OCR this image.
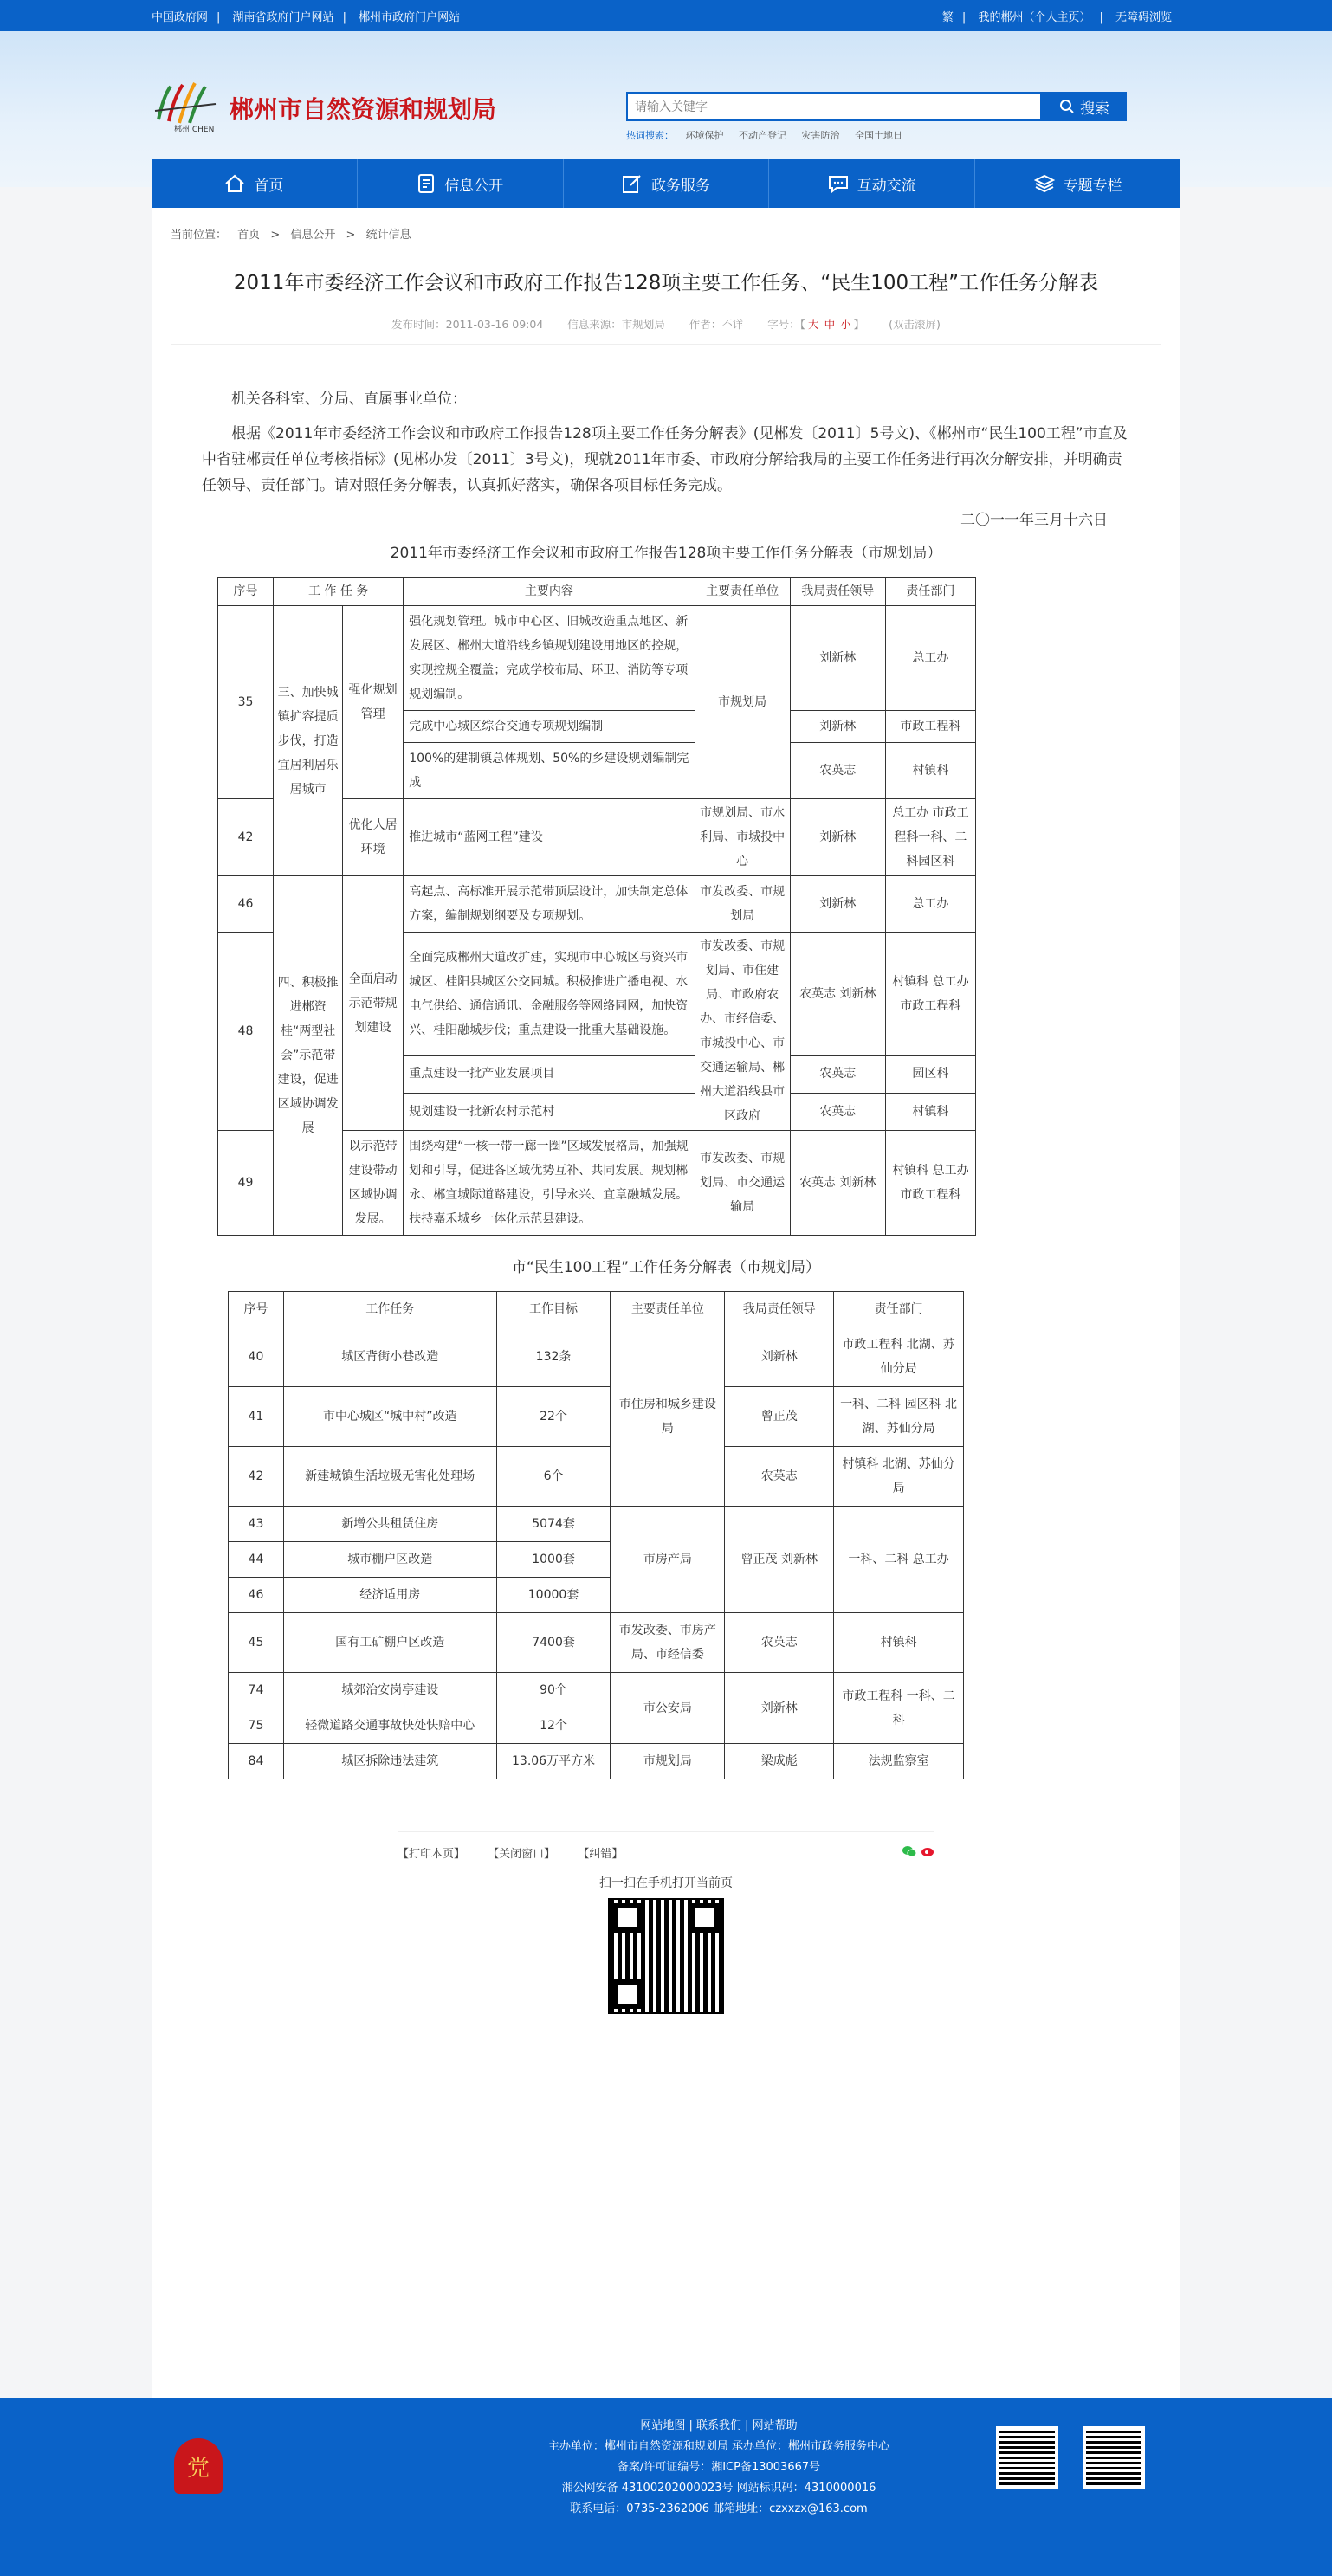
中国政府网 | 湖南省政府门户网站 | 郴州市政府门户网站	繁 | 我的郴州（个人主页） | 无障碍浏览
郴州 CHEN
郴州市自然资源和规划局
请输入关键字	搜索
热词搜索： 环境保护 不动产登记 灾害防治 全国土地日
首页	信息公开	政务服务	互动交流	专题专栏
当前位置： 首页 > 信息公开 > 统计信息
2011年市委经济工作会议和市政府工作报告128项主要工作任务、“民生100工程”工作任务分解表
发布时间：2011-03-16 09:04 信息来源：市规划局 作者：不详 字号：【 大 中 小 】 (双击滚屏)
机关各科室、分局、直属事业单位：
根据《2011年市委经济工作会议和市政府工作报告128项主要工作任务分解表》(见郴发〔2011〕5号文)、《郴州市“民生100工程”市直及中省驻郴责任单位考核指标》(见郴办发〔2011〕3号文)，现就2011年市委、市政府分解给我局的主要工作任务进行再次分解安排，并明确责任领导、责任部门。请对照任务分解表，认真抓好落实，确保各项目标任务完成。
二〇一一年三月十六日
2011年市委经济工作会议和市政府工作报告128项主要工作任务分解表（市规划局）
序号	工 作 任 务		主要内容	主要责任单位	我局责任领导	责任部门
35	三、加快城镇扩容提质步伐，打造宜居利居乐居城市	强化规划管理	强化规划管理。城市中心区、旧城改造重点地区、新发展区、郴州大道沿线乡镇规划建设用地区的控规，实现控规全覆盖；完成学校布局、环卫、消防等专项规划编制。	市规划局	刘新林	总工办
			完成中心城区综合交通专项规划编制		刘新林	市政工程科
			100%的建制镇总体规划、50%的乡建设规划编制完成		农英志	村镇科
42		优化人居环境	推进城市“蓝网工程”建设	市规划局、市水利局、市城投中心	刘新林	总工办 市政工程科一科、二科园区科
46	四、积极推进郴资桂“两型社会”示范带建设，促进区域协调发展	全面启动示范带规划建设	高起点、高标准开展示范带顶层设计，加快制定总体方案，编制规划纲要及专项规划。	市发改委、市规划局	刘新林	总工办
48			全面完成郴州大道改扩建，实现市中心城区与资兴市城区、桂阳县城区公交同城。积极推进广播电视、水电气供给、通信通讯、金融服务等网络同网，加快资兴、桂阳融城步伐；重点建设一批重大基础设施。	市发改委、市规划局、市住建局、市政府农办、市经信委、市城投中心、市交通运输局、郴州大道沿线县市区政府	农英志 刘新林	村镇科 总工办 市政工程科
			重点建设一批产业发展项目		农英志	园区科
			规划建设一批新农村示范村		农英志	村镇科
49		以示范带建设带动区域协调发展。	围绕构建“一核一带一廊一圈”区域发展格局，加强规划和引导，促进各区域优势互补、共同发展。规划郴永、郴宜城际道路建设，引导永兴、宜章融城发展。扶持嘉禾城乡一体化示范县建设。	市发改委、市规划局、市交通运输局	农英志 刘新林	村镇科 总工办 市政工程科
市“民生100工程”工作任务分解表（市规划局）
序号	工作任务	工作目标	主要责任单位	我局责任领导	责任部门
40	城区背街小巷改造	132条	市住房和城乡建设局	刘新林	市政工程科 北湖、苏仙分局
41	市中心城区“城中村”改造	22个		曾正茂	一科、二科 园区科 北湖、苏仙分局
42	新建城镇生活垃圾无害化处理场	6个		农英志	村镇科 北湖、苏仙分局
43	新增公共租赁住房	5074套	市房产局	曾正茂 刘新林	一科、二科 总工办
44	城市棚户区改造	1000套			
46	经济适用房	10000套			
45	国有工矿棚户区改造	7400套	市发改委、市房产局、市经信委	农英志	村镇科
74	城郊治安岗亭建设	90个	市公安局	刘新林	市政工程科 一科、二科
75	轻微道路交通事故快处快赔中心	12个			
84	城区拆除违法建筑	13.06万平方米	市规划局	梁成彪	法规监察室
【打印本页】 【关闭窗口】 【纠错】

扫一扫在手机打开当前页
党
网站地图 | 联系我们 | 网站帮助
主办单位：郴州市自然资源和规划局 承办单位：郴州市政务服务中心
备案/许可证编号：湘ICP备13003667号
湘公网安备 43100202000023号 网站标识码：4310000016
联系电话：0735-2362006 邮箱地址：czxxzx@163.com
